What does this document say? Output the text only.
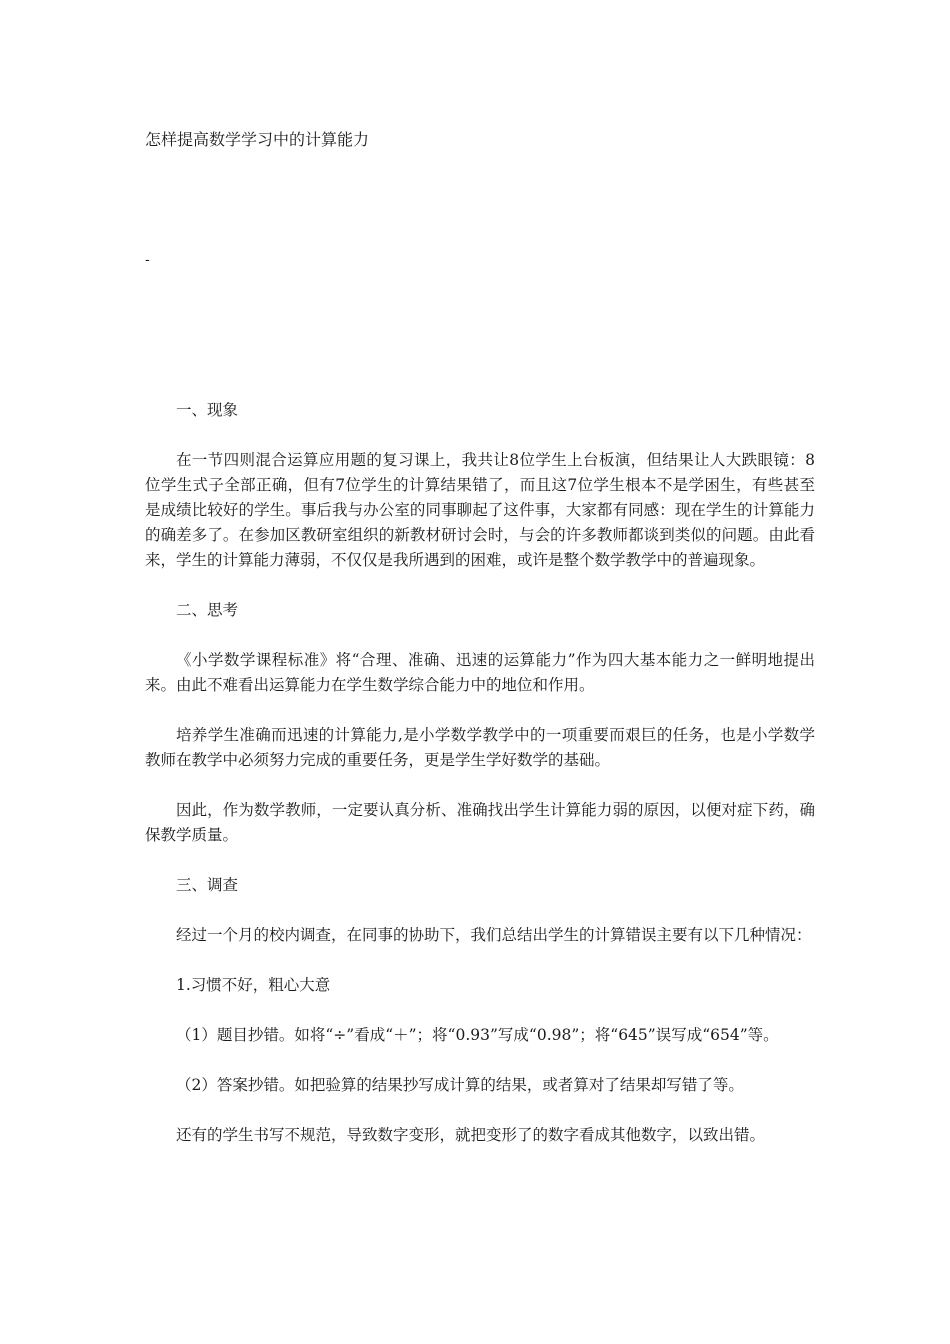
怎样提高数学学习中的计算能力
-

一、现象

在一节四则混合运算应用题的复习课上，我共让8位学生上台板演，但结果让人大跌眼镜：8位学生式子全部正确，但有7位学生的计算结果错了，而且这7位学生根本不是学困生，有些甚至是成绩比较好的学生。事后我与办公室的同事聊起了这件事，大家都有同感：现在学生的计算能力的确差多了。在参加区教研室组织的新教材研讨会时，与会的许多教师都谈到类似的问题。由此看来，学生的计算能力薄弱，不仅仅是我所遇到的困难，或许是整个数学教学中的普遍现象。

二、思考

《小学数学课程标准》将“合理、准确、迅速的运算能力”作为四大基本能力之一鲜明地提出来。由此不难看出运算能力在学生数学综合能力中的地位和作用。

培养学生准确而迅速的计算能力,是小学数学教学中的一项重要而艰巨的任务，也是小学数学教师在教学中必须努力完成的重要任务，更是学生学好数学的基础。

因此，作为数学教师，一定要认真分析、准确找出学生计算能力弱的原因，以便对症下药，确保教学质量。

三、调查

经过一个月的校内调查，在同事的协助下，我们总结出学生的计算错误主要有以下几种情况：

1.习惯不好，粗心大意

（1）题目抄错。如将“÷”看成“＋”；将“0.93”写成“0.98”；将“645”误写成“654”等。

（2）答案抄错。如把验算的结果抄写成计算的结果，或者算对了结果却写错了等。

还有的学生书写不规范，导致数字变形，就把变形了的数字看成其他数字，以致出错。
